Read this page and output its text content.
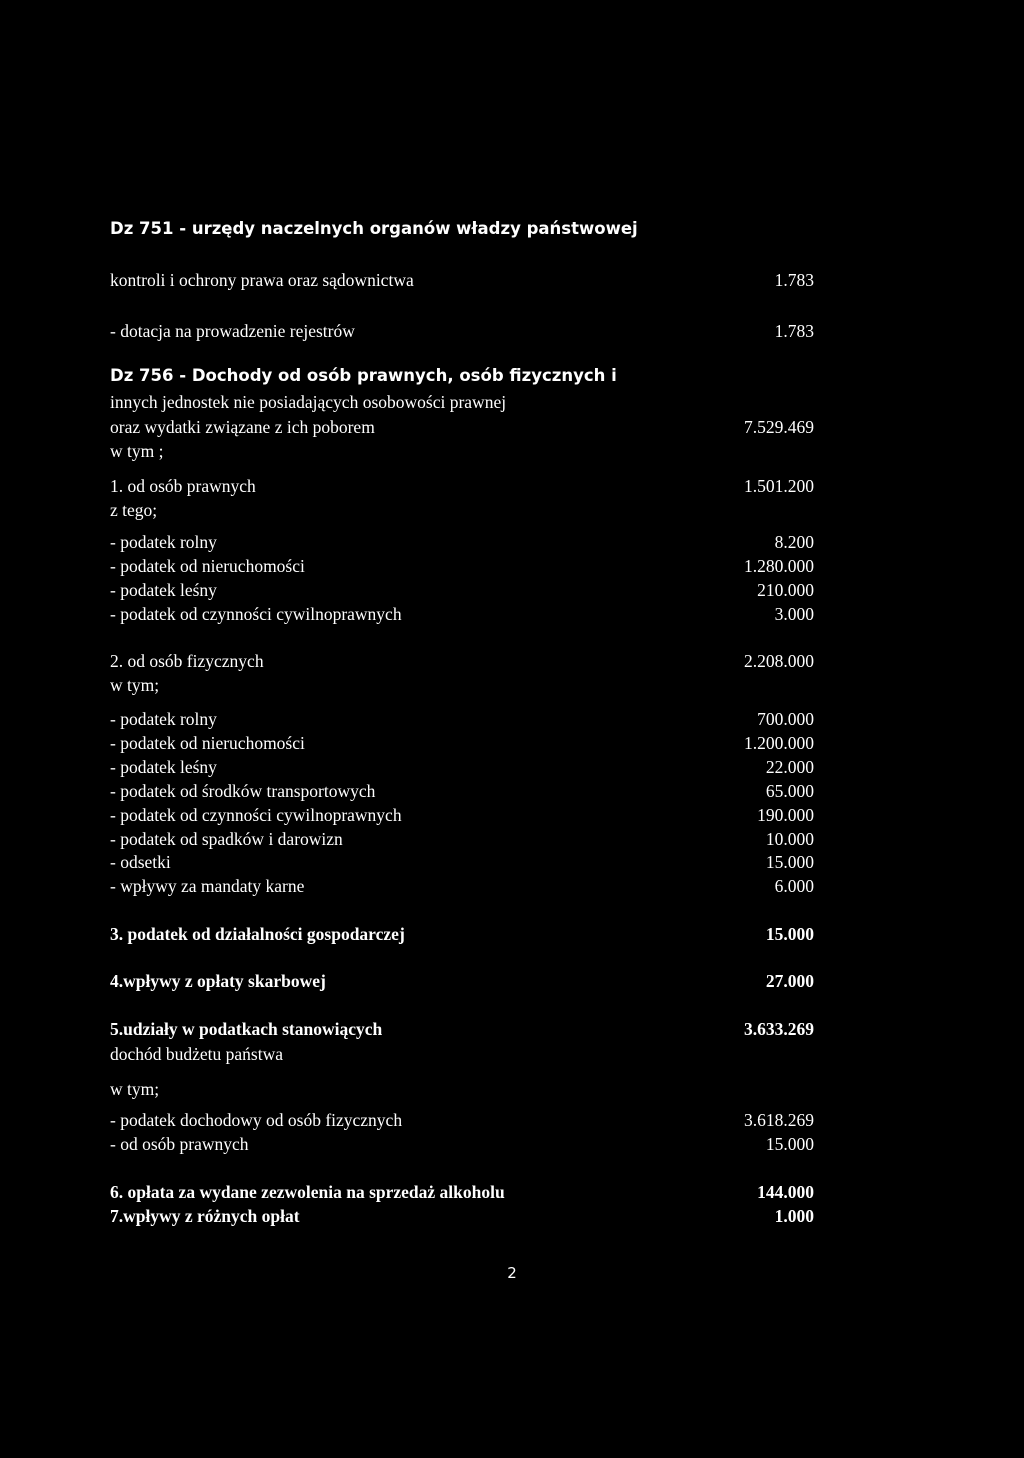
Dz 751 - urzędy naczelnych organów władzy państwowej
kontroli i ochrony prawa oraz sądownictwa	1.783
- dotacja na prowadzenie rejestrów	1.783
Dz 756 - Dochody od osób prawnych, osób fizycznych i
innych jednostek nie posiadających osobowości prawnej
oraz wydatki związane z ich poborem	7.529.469
w tym ;
1. od osób prawnych	1.501.200
z tego;
- podatek rolny	8.200
- podatek od nieruchomości	1.280.000
- podatek leśny	210.000
- podatek od czynności cywilnoprawnych	3.000
2. od osób fizycznych	2.208.000
w tym;
- podatek rolny	700.000
- podatek od nieruchomości	1.200.000
- podatek leśny	22.000
- podatek od środków transportowych	65.000
- podatek od czynności cywilnoprawnych	190.000
- podatek od spadków i darowizn	10.000
- odsetki	15.000
- wpływy za mandaty karne	6.000
3. podatek od działalności gospodarczej	15.000
4.wpływy z opłaty skarbowej	27.000
5.udziały w podatkach stanowiących	3.633.269
dochód budżetu państwa
w tym;
- podatek dochodowy od osób fizycznych	3.618.269
- od osób prawnych	15.000
6. opłata za wydane zezwolenia na sprzedaż alkoholu	144.000
7.wpływy z różnych opłat	1.000
2
